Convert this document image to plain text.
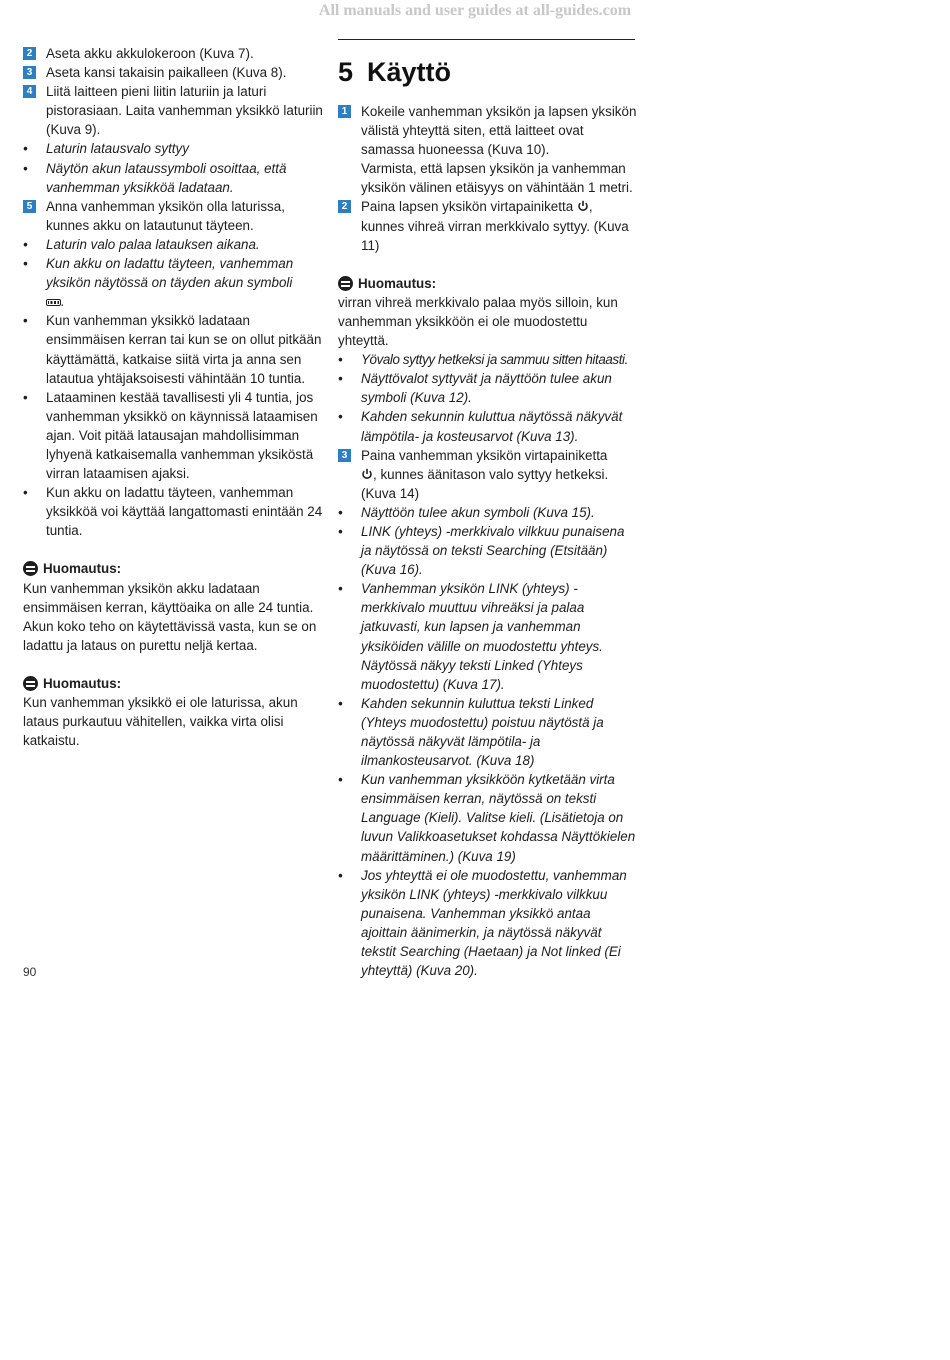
All manuals and user guides at all-guides.com

2 Aseta akku akkulokeroon (Kuva 7).

3 Aseta kansi takaisin paikalleen (Kuva 8).

4 Liitä laitteen pieni liitin laturiin ja laturi pistorasiaan. Laita vanhemman yksikkö laturiin (Kuva 9).

• Laturin latausvalo syttyy
• Näytön akun lataussymboli osoittaa, että vanhemman yksikköä ladataan.

5 Anna vanhemman yksikön olla laturissa, kunnes akku on latautunut täyteen.

• Laturin valo palaa latauksen aikana.
• Kun akku on ladattu täyteen, vanhemman yksikön näytössä on täyden akun symboli
.
• Kun vanhemman yksikkö ladataan ensimmäisen kerran tai kun se on ollut pitkään käyttämättä, katkaise siitä virta ja anna sen latautua yhtäjaksoisesti vähintään 10 tuntia.
• Lataaminen kestää tavallisesti yli 4 tuntia, jos vanhemman yksikkö on käynnissä lataamisen ajan. Voit pitää latausajan mahdollisimman lyhyenä katkaisemalla vanhemman yksiköstä virran lataamisen ajaksi.
• Kun akku on ladattu täyteen, vanhemman yksikköä voi käyttää langattomasti enintään 24 tuntia.
Huomautus:
Kun vanhemman yksikön akku ladataan ensimmäisen kerran, käyttöaika on alle 24 tuntia. Akun koko teho on käytettävissä vasta, kun se on ladattu ja lataus on purettu neljä kertaa.
Huomautus:
Kun vanhemman yksikkö ei ole laturissa, akun lataus purkautuu vähitellen, vaikka virta olisi katkaistu.
90
5 Käyttö

1 Kokeile vanhemman yksikön ja lapsen yksikön välistä yhteyttä siten, että laitteet ovat samassa huoneessa (Kuva 10).
Varmista, että lapsen yksikön ja vanhemman yksikön välinen etäisyys on vähintään 1 metri.

2 Paina lapsen yksikön virtapainiketta , kunnes vihreä virran merkkivalo syttyy. (Kuva 11)

Huomautus:
virran vihreä merkkivalo palaa myös silloin, kun vanhemman yksikköön ei ole muodostettu yhteyttä.
• Yövalo syttyy hetkeksi ja sammuu sitten hitaasti.
• Näyttövalot syttyvät ja näyttöön tulee akun symboli (Kuva 12).
• Kahden sekunnin kuluttua näytössä näkyvät lämpötila- ja kosteusarvot (Kuva 13).

3 Paina vanhemman yksikön virtapainiketta
, kunnes äänitason valo syttyy hetkeksi. (Kuva 14)

• Näyttöön tulee akun symboli (Kuva 15).
• LINK (yhteys) -merkkivalo vilkkuu punaisena ja näytössä on teksti Searching (Etsitään) (Kuva 16).
• Vanhemman yksikön LINK (yhteys) -merkkivalo muuttuu vihreäksi ja palaa jatkuvasti, kun lapsen ja vanhemman yksiköiden välille on muodostettu yhteys. Näytössä näkyy teksti Linked (Yhteys muodostettu) (Kuva 17).
• Kahden sekunnin kuluttua teksti Linked (Yhteys muodostettu) poistuu näytöstä ja näytössä näkyvät lämpötila- ja ilmankosteusarvot. (Kuva 18)
• Kun vanhemman yksikköön kytketään virta ensimmäisen kerran, näytössä on teksti Language (Kieli). Valitse kieli. (Lisätietoja on luvun Valikkoasetukset kohdassa Näyttökielen määrittäminen.) (Kuva 19)
• Jos yhteyttä ei ole muodostettu, vanhemman yksikön LINK (yhteys) -merkkivalo vilkkuu punaisena. Vanhemman yksikkö antaa ajoittain äänimerkin, ja näytössä näkyvät tekstit Searching (Haetaan) ja Not linked (Ei yhteyttä) (Kuva 20).
